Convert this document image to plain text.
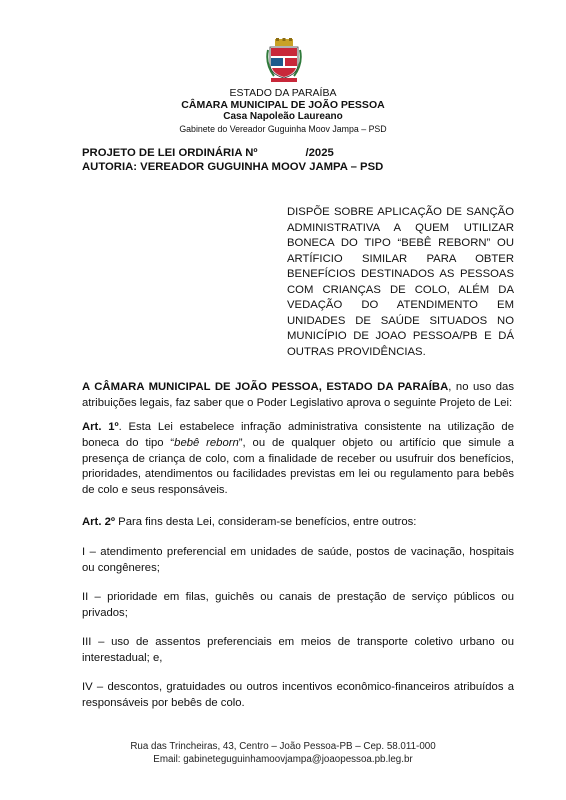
ESTADO DA PARAÍBA
CÂMARA MUNICIPAL DE JOÃO PESSOA
Casa Napoleão Laureano
Gabinete do Vereador Guguinha Moov Jampa – PSD
PROJETO DE LEI ORDINÁRIA Nº	/2025
AUTORIA: VEREADOR GUGUINHA MOOV JAMPA – PSD
DISPÕE SOBRE APLICAÇÃO DE SANÇÃO ADMINISTRATIVA A QUEM UTILIZAR BONECA DO TIPO “BEBÊ REBORN” OU ARTÍFICIO SIMILAR PARA OBTER BENEFÍCIOS DESTINADOS AS PESSOAS COM CRIANÇAS DE COLO, ALÉM DA VEDAÇÃO DO ATENDIMENTO EM UNIDADES DE SAÚDE SITUADOS NO MUNICÍPIO DE JOAO PESSOA/PB E DÁ OUTRAS PROVIDÊNCIAS.

A CÂMARA MUNICIPAL DE JOÃO PESSOA, ESTADO DA PARAÍBA, no uso das atribuições legais, faz saber que o Poder Legislativo aprova o seguinte Projeto de Lei:

Art. 1º. Esta Lei estabelece infração administrativa consistente na utilização de boneca do tipo “bebê reborn”, ou de qualquer objeto ou artifício que simule a presença de criança de colo, com a finalidade de receber ou usufruir dos benefícios, prioridades, atendimentos ou facilidades previstas em lei ou regulamento para bebês de colo e seus responsáveis.

Art. 2º Para fins desta Lei, consideram-se benefícios, entre outros:

I – atendimento preferencial em unidades de saúde, postos de vacinação, hospitais ou congêneres;

II – prioridade em filas, guichês ou canais de prestação de serviço públicos ou privados;

III – uso de assentos preferenciais em meios de transporte coletivo urbano ou interestadual; e,

IV – descontos, gratuidades ou outros incentivos econômico-financeiros atribuídos a responsáveis por bebês de colo.

Rua das Trincheiras, 43, Centro – João Pessoa-PB – Cep. 58.011-000
Email: gabineteguguinhamoovjampa@joaopessoa.pb.leg.br
